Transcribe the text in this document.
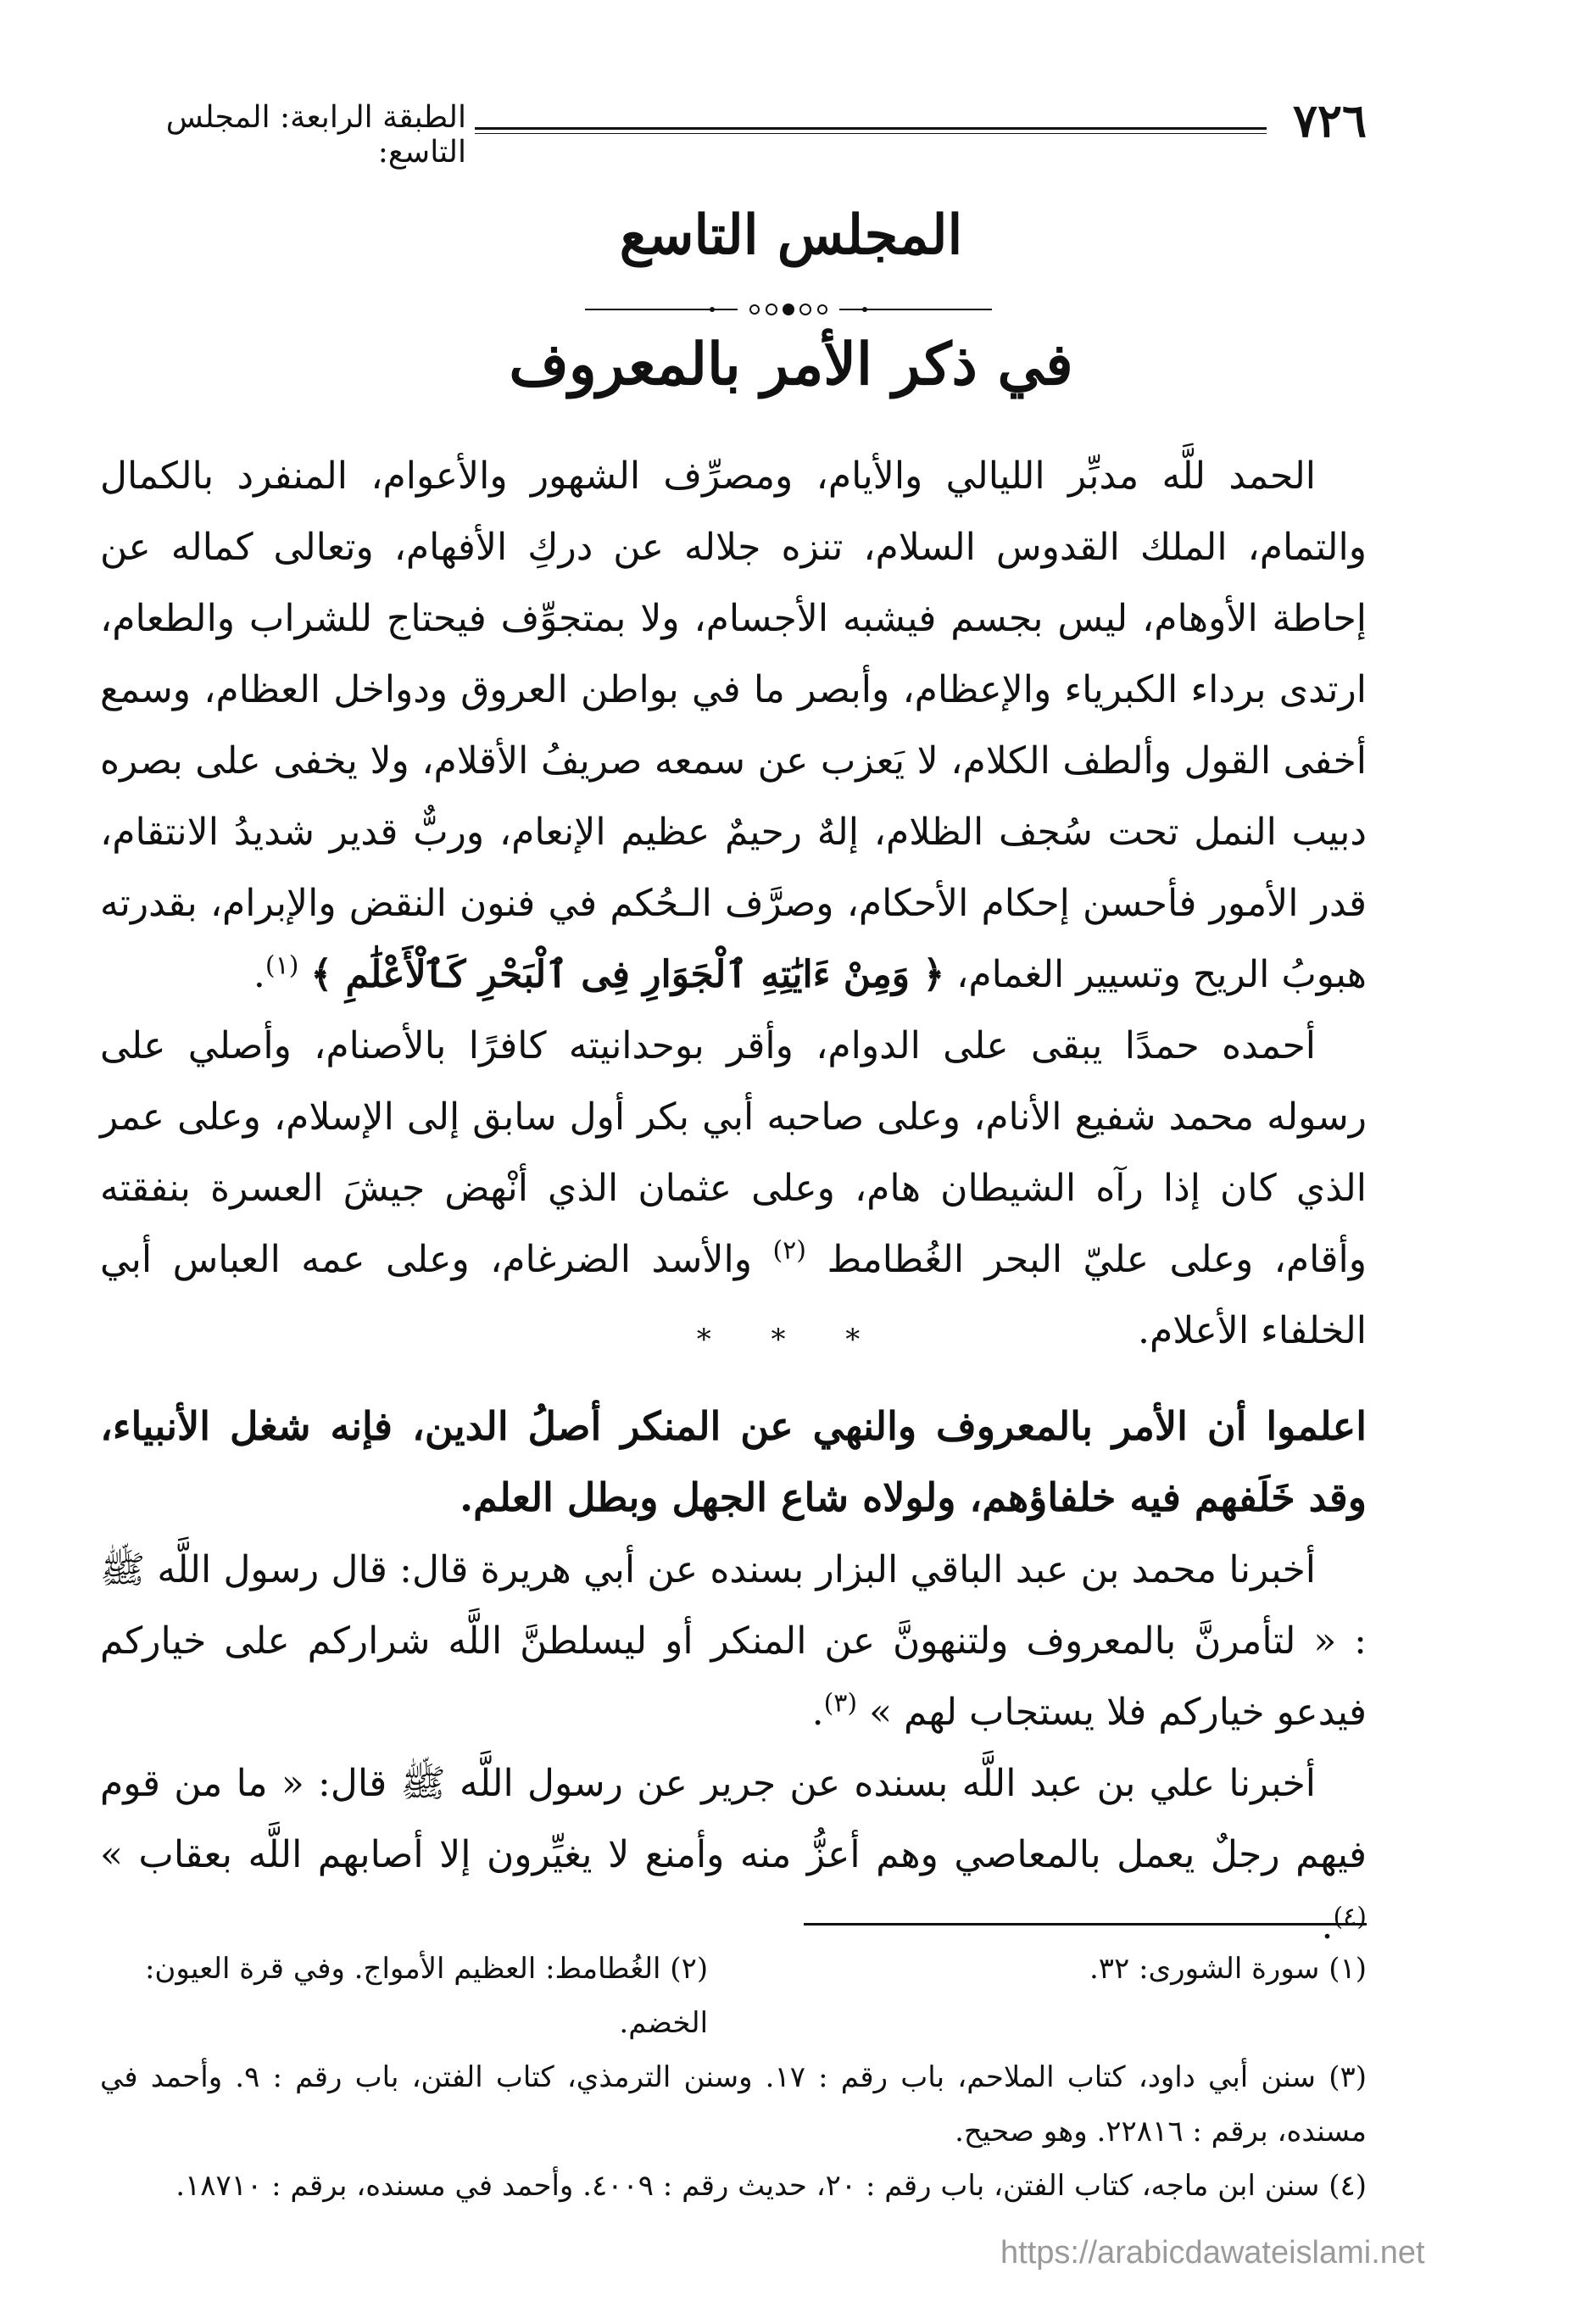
٧٢٦
الطبقة الرابعة: المجلس التاسع:
المجلس التاسع
في ذكر الأمر بالمعروف

الحمد للَّه مدبِّر الليالي والأيام، ومصرِّف الشهور والأعوام، المنفرد بالكمال والتمام، الملك القدوس السلام، تنزه جلاله عن دركِ الأفهام، وتعالى كماله عن إحاطة الأوهام، ليس بجسم فيشبه الأجسام، ولا بمتجوِّف فيحتاج للشراب والطعام، ارتدى برداء الكبرياء والإعظام، وأبصر ما في بواطن العروق ودواخل العظام، وسمع أخفى القول وألطف الكلام، لا يَعزب عن سمعه صريفُ الأقلام، ولا يخفى على بصره دبيب النمل تحت سُجف الظلام، إلهٌ رحيمٌ عظيم الإنعام، وربٌّ قدير شديدُ الانتقام، قدر الأمور فأحسن إحكام الأحكام، وصرَّف الـحُكم في فنون النقض والإبرام، بقدرته هبوبُ الريح وتسيير الغمام، ﴿ وَمِنْ ءَايَٰتِهِ ٱلْجَوَارِ فِى ٱلْبَحْرِ كَٱلْأَعْلَٰمِ ﴾ $^{(١)}$.

أحمده حمدًا يبقى على الدوام، وأقر بوحدانيته كافرًا بالأصنام، وأصلي على رسوله محمد شفيع الأنام، وعلى صاحبه أبي بكر أول سابق إلى الإسلام، وعلى عمر الذي كان إذا رآه الشيطان هام، وعلى عثمان الذي أنْهض جيشَ العسرة بنفقته وأقام، وعلى عليّ البحر الغُطامط $^{(٢)}$ والأسد الضرغام، وعلى عمه العباس أبي الخلفاء الأعلام.

* * *
اعلموا أن الأمر بالمعروف والنهي عن المنكر أصلُ الدين، فإنه شغل الأنبياء، وقد خَلَفهم فيه خلفاؤهم، ولولاه شاع الجهل وبطل العلم.

أخبرنا محمد بن عبد الباقي البزار بسنده عن أبي هريرة قال: قال رسول اللَّه ﷺ : « لتأمرنَّ بالمعروف ولتنهونَّ عن المنكر أو ليسلطنَّ اللَّه شراركم على خياركم فيدعو خياركم فلا يستجاب لهم » $^{(٣)}$.

أخبرنا علي بن عبد اللَّه بسنده عن جرير عن رسول اللَّه ﷺ قال: « ما من قوم فيهم رجلٌ يعمل بالمعاصي وهم أعزُّ منه وأمنع لا يغيِّرون إلا أصابهم اللَّه بعقاب » $^{(٤)}$.

(١) سورة الشورى: ٣٢.
(٢) الغُطامط: العظيم الأمواج. وفي قرة العيون: الخضم.
(٣) سنن أبي داود، كتاب الملاحم، باب رقم : ١٧. وسنن الترمذي، كتاب الفتن، باب رقم : ٩. وأحمد في مسنده، برقم : ٢٢٨١٦. وهو صحيح.
(٤) سنن ابن ماجه، كتاب الفتن، باب رقم : ٢٠، حديث رقم : ٤٠٠٩. وأحمد في مسنده، برقم : ١٨٧١٠.
https://arabicdawateislami.net
